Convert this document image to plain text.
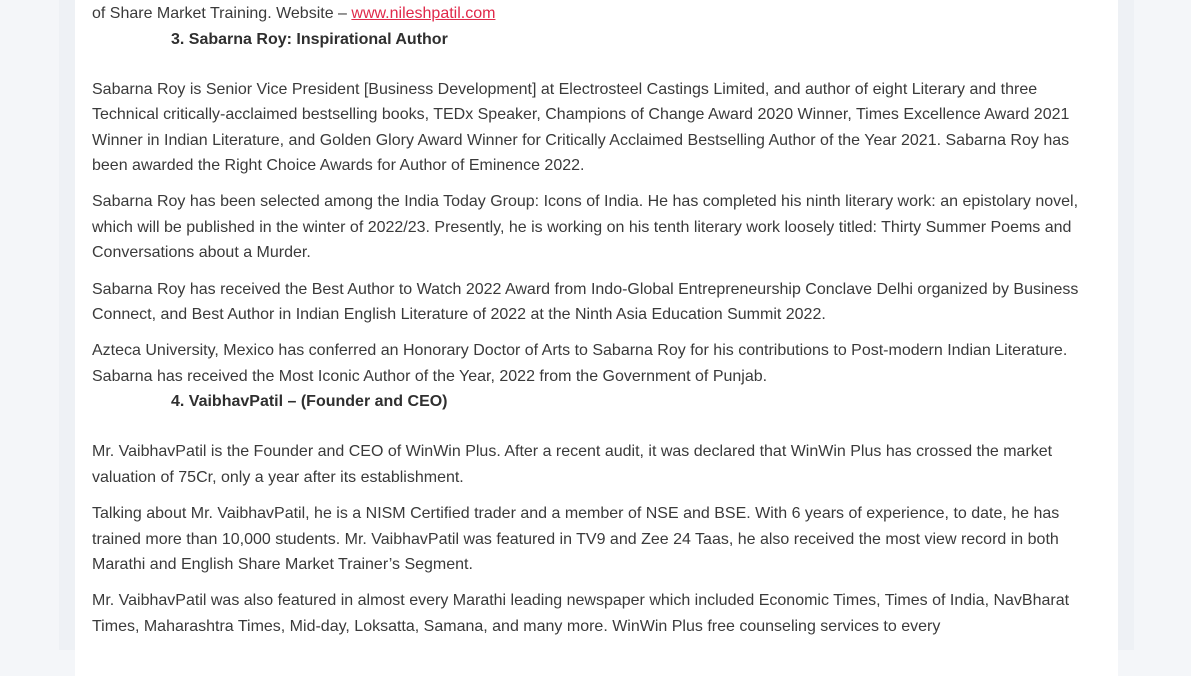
of Share Market Training. Website – www.nileshpatil.com

3. Sabarna Roy: Inspirational Author

Sabarna Roy is Senior Vice President [Business Development] at Electrosteel Castings Limited, and author of eight Literary and three Technical critically-acclaimed bestselling books, TEDx Speaker, Champions of Change Award 2020 Winner, Times Excellence Award 2021 Winner in Indian Literature, and Golden Glory Award Winner for Critically Acclaimed Bestselling Author of the Year 2021. Sabarna Roy has been awarded the Right Choice Awards for Author of Eminence 2022.

Sabarna Roy has been selected among the India Today Group: Icons of India. He has completed his ninth literary work: an epistolary novel, which will be published in the winter of 2022/23. Presently, he is working on his tenth literary work loosely titled: Thirty Summer Poems and Conversations about a Murder.

Sabarna Roy has received the Best Author to Watch 2022 Award from Indo-Global Entrepreneurship Conclave Delhi organized by Business Connect, and Best Author in Indian English Literature of 2022 at the Ninth Asia Education Summit 2022.

Azteca University, Mexico has conferred an Honorary Doctor of Arts to Sabarna Roy for his contributions to Post-modern Indian Literature. Sabarna has received the Most Iconic Author of the Year, 2022 from the Government of Punjab.

4. VaibhavPatil – (Founder and CEO)

Mr. VaibhavPatil is the Founder and CEO of WinWin Plus. After a recent audit, it was declared that WinWin Plus has crossed the market valuation of 75Cr, only a year after its establishment.

Talking about Mr. VaibhavPatil, he is a NISM Certified trader and a member of NSE and BSE. With 6 years of experience, to date, he has trained more than 10,000 students. Mr. VaibhavPatil was featured in TV9 and Zee 24 Taas, he also received the most view record in both Marathi and English Share Market Trainer’s Segment.

Mr. VaibhavPatil was also featured in almost every Marathi leading newspaper which included Economic Times, Times of India, NavBharat Times, Maharashtra Times, Mid-day, Loksatta, Samana, and many more. WinWin Plus free counseling services to every
